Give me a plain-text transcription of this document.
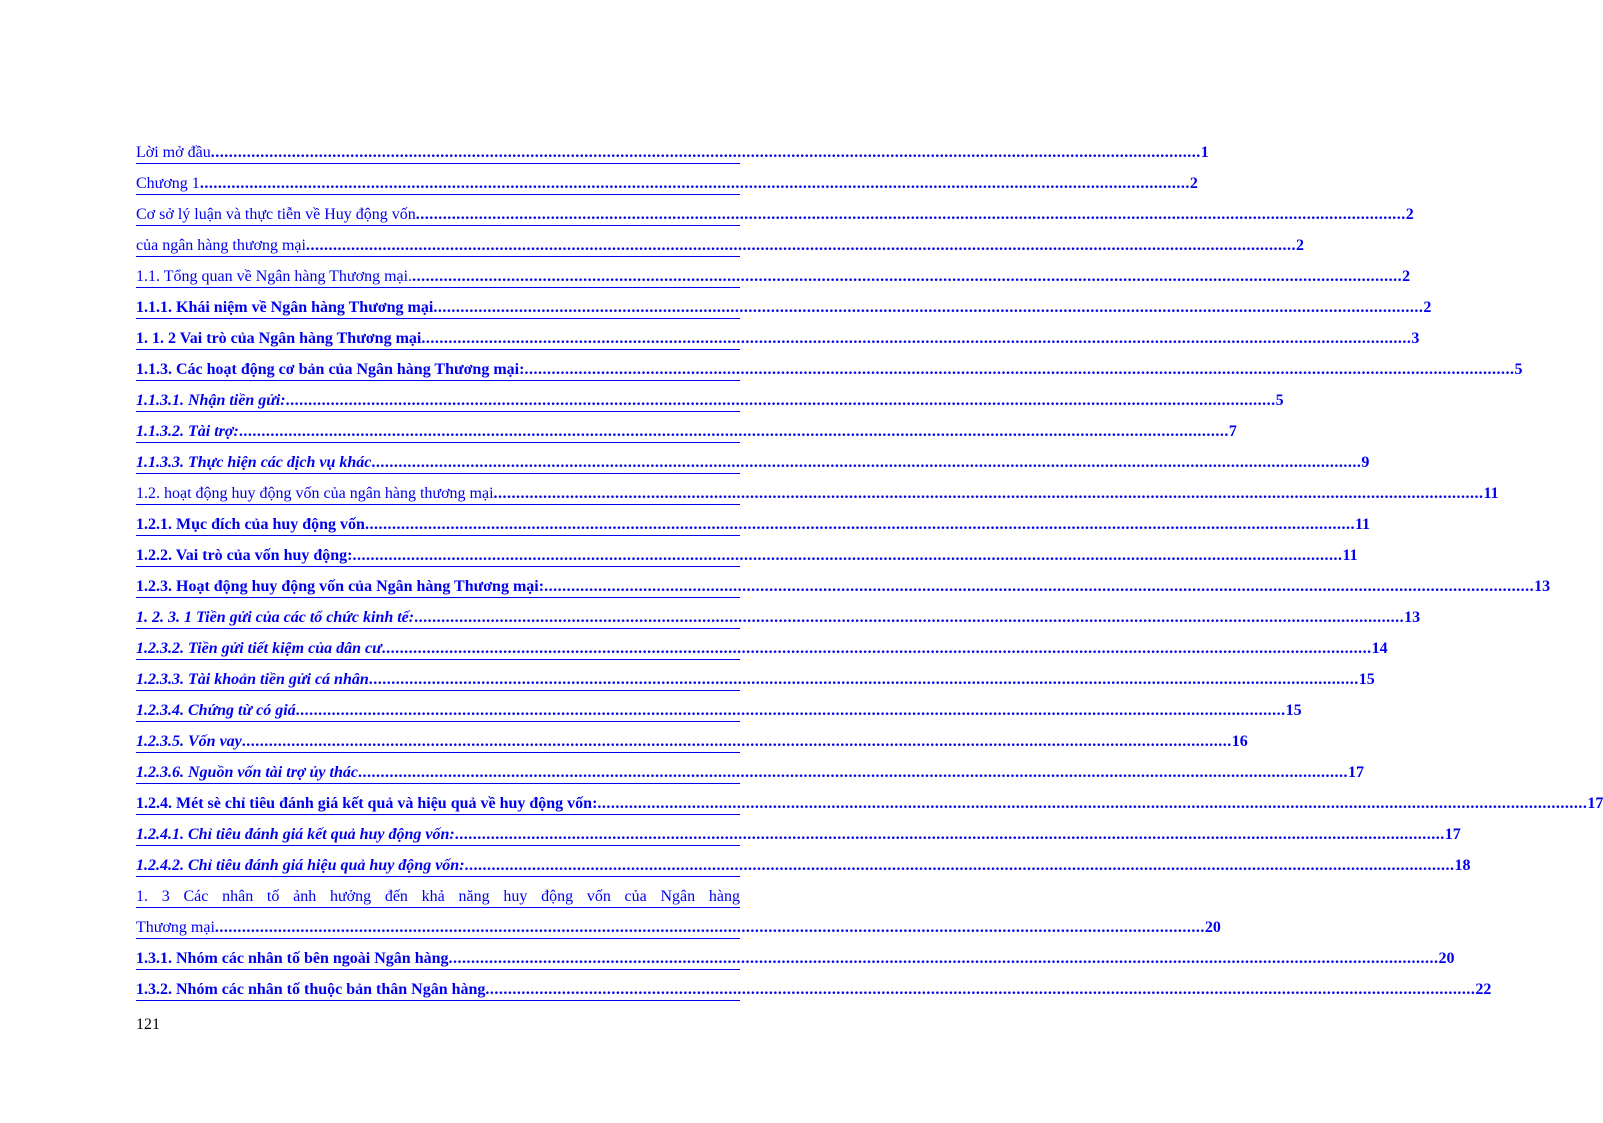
Lời mở đầu ............................................................................................................................................................................................................................ 1
Chương 1 ............................................................................................................................................................................................................................ 2
Cơ sở lý luận và thực tiễn về Huy động vốn ............................................................................................................................................................................................................................ 2
của ngân hàng thương mại ............................................................................................................................................................................................................................ 2
1.1. Tổng quan về Ngân hàng Thương mại. ............................................................................................................................................................................................................................ 2
1.1.1. Khái niệm về Ngân hàng Thương mại ............................................................................................................................................................................................................................ 2
1. 1. 2 Vai trò của Ngân hàng Thương mại ............................................................................................................................................................................................................................ 3
1.1.3. Các hoạt động cơ bản của Ngân hàng Thương mại: ............................................................................................................................................................................................................................ 5
1.1.3.1. Nhận tiền gửi: ............................................................................................................................................................................................................................ 5
1.1.3.2. Tài trợ: ............................................................................................................................................................................................................................ 7
1.1.3.3. Thực hiện các dịch vụ khác ............................................................................................................................................................................................................................ 9
1.2. hoạt động huy động vốn của ngân hàng thương mại ............................................................................................................................................................................................................................ 11
1.2.1. Mục đích của huy động vốn ............................................................................................................................................................................................................................ 11
1.2.2. Vai trò của vốn huy động: ............................................................................................................................................................................................................................ 11
1.2.3. Hoạt động huy động vốn của Ngân hàng Thương mại: ............................................................................................................................................................................................................................ 13
1. 2. 3. 1 Tiền gửi của các tổ chức kinh tế: ............................................................................................................................................................................................................................ 13
1.2.3.2. Tiền gửi tiết kiệm của dân cư ............................................................................................................................................................................................................................ 14
1.2.3.3. Tài khoản tiền gửi cá nhân ............................................................................................................................................................................................................................ 15
1.2.3.4. Chứng từ có giá ............................................................................................................................................................................................................................ 15
1.2.3.5. Vốn vay ............................................................................................................................................................................................................................ 16
1.2.3.6. Nguồn vốn tài trợ ủy thác ............................................................................................................................................................................................................................ 17
1.2.4. Mét sè chỉ tiêu đánh giá kết quả và hiệu quả về huy động vốn: ............................................................................................................................................................................................................................ 17
1.2.4.1. Chỉ tiêu đánh giá kết quả huy động vốn: ............................................................................................................................................................................................................................ 17
1.2.4.2. Chỉ tiêu đánh giá hiệu quả huy động vốn: ............................................................................................................................................................................................................................ 18
1. 3 Các nhân tố ảnh hưởng đến khả năng huy động vốn của Ngân hàng
Thương mại ............................................................................................................................................................................................................................ 20
1.3.1. Nhóm các nhân tố bên ngoài Ngân hàng ............................................................................................................................................................................................................................ 20
1.3.2. Nhóm các nhân tố thuộc bản thân Ngân hàng ............................................................................................................................................................................................................................ 22
121
